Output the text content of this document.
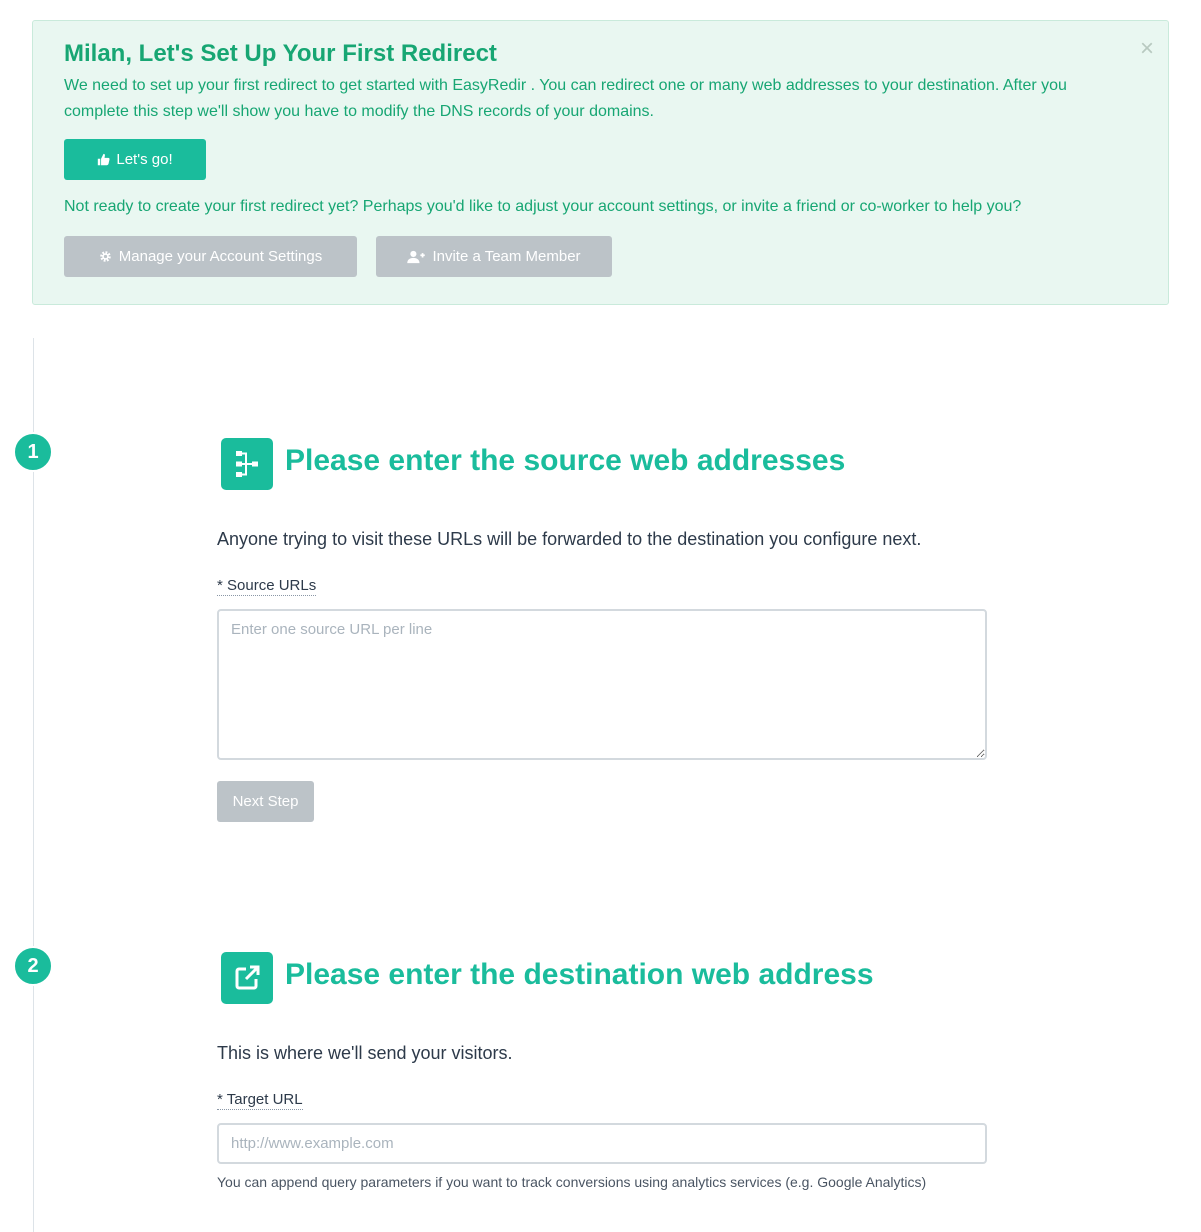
Milan, Let's Set Up Your First Redirect	×
We need to set up your first redirect to get started with EasyRedir . You can redirect one or many web addresses to your destination. After you complete this step we'll show you have to modify the DNS records of your domains.
Let's go!
Not ready to create your first redirect yet? Perhaps you'd like to adjust your account settings, or invite a friend or co-worker to help you?
Manage your Account Settings	Invite a Team Member
1	Please enter the source web addresses
Anyone trying to visit these URLs will be forwarded to the destination you configure next.
* Source URLs
Enter one source URL per line
Next Step
2	Please enter the destination web address
This is where we'll send your visitors.
* Target URL
http://www.example.com
You can append query parameters if you want to track conversions using analytics services (e.g. Google Analytics)
